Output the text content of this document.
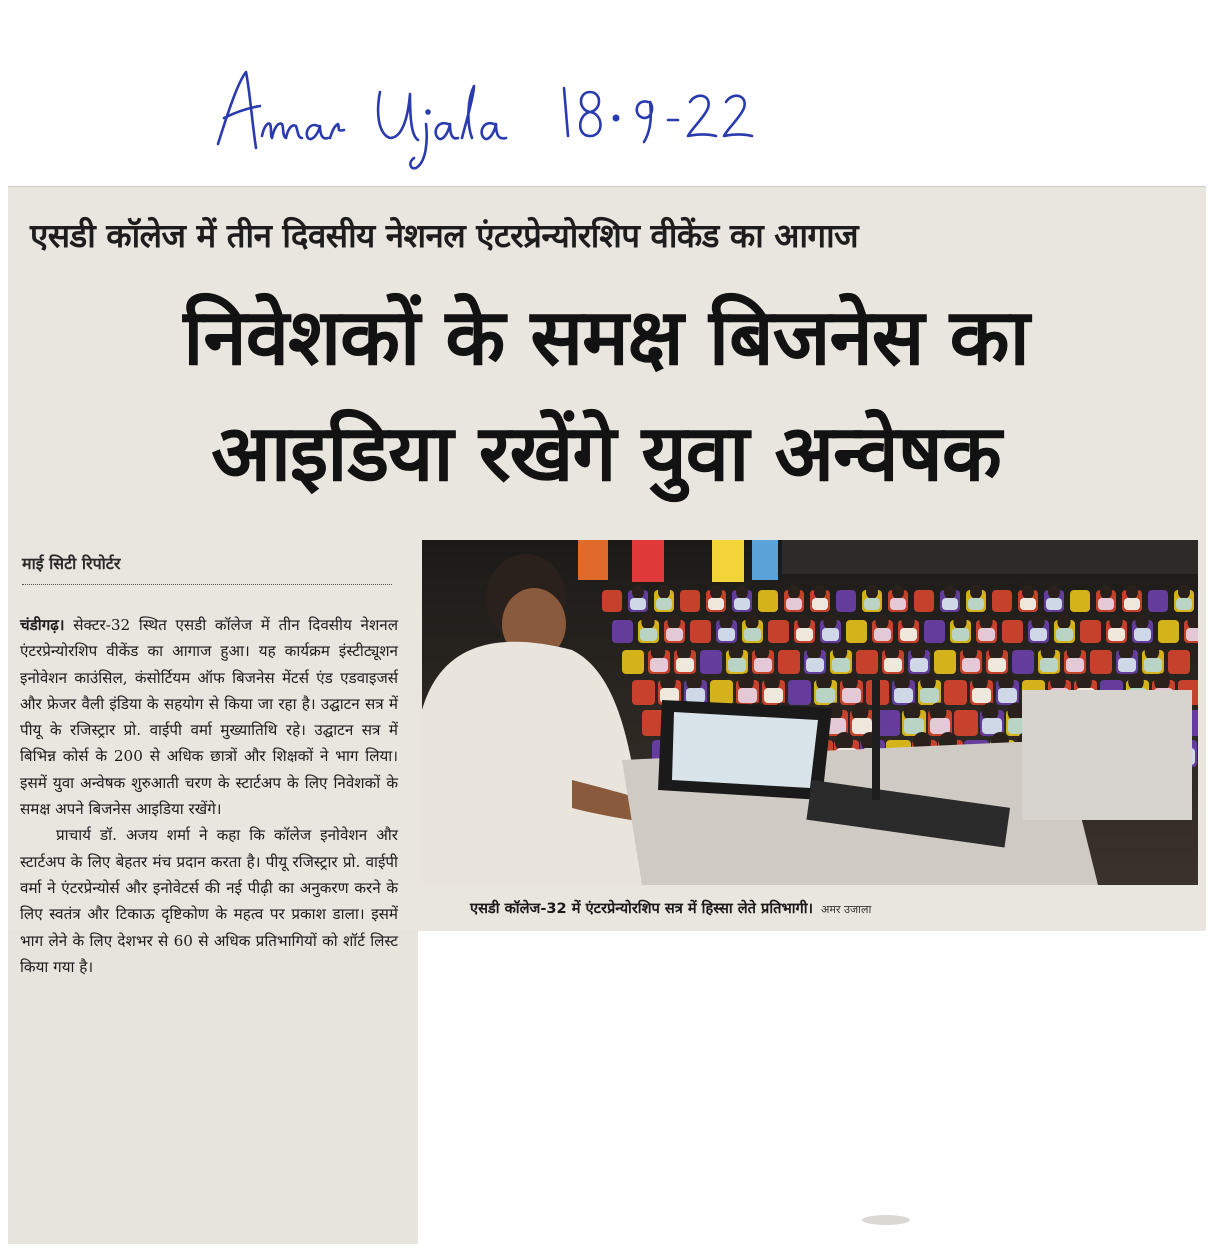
एसडी कॉलेज में तीन दिवसीय नेशनल एंटरप्रेन्योरशिप वीकेंड का आगाज
निवेशकों के समक्ष बिजनेस का
आइडिया रखेंगे युवा अन्वेषक
माई सिटी रिपोर्टर

चंडीगढ़। सेक्टर-32 स्थित एसडी कॉलेज में तीन दिवसीय नेशनल एंटरप्रेन्योरशिप वीकेंड का आगाज हुआ। यह कार्यक्रम इंस्टीट्यूशन इनोवेशन काउंसिल, कंसोर्टियम ऑफ बिजनेस मेंटर्स एंड एडवाइजर्स और फ्रेजर वैली इंडिया के सहयोग से किया जा रहा है। उद्घाटन सत्र में पीयू के रजिस्ट्रार प्रो. वाईपी वर्मा मुख्यातिथि रहे। उद्घाटन सत्र में बिभिन्न कोर्स के 200 से अधिक छात्रों और शिक्षकों ने भाग लिया। इसमें युवा अन्वेषक शुरुआती चरण के स्टार्टअप के लिए निवेशकों के समक्ष अपने बिजनेस आइडिया रखेंगे।

प्राचार्य डॉ. अजय शर्मा ने कहा कि कॉलेज इनोवेशन और स्टार्टअप के लिए बेहतर मंच प्रदान करता है। पीयू रजिस्ट्रार प्रो. वाईपी वर्मा ने एंटरप्रेन्योर्स और इनोवेटर्स की नई पीढ़ी का अनुकरण करने के लिए स्वतंत्र और टिकाऊ दृष्टिकोण के महत्व पर प्रकाश डाला। इसमें भाग लेने के लिए देशभर से 60 से अधिक प्रतिभागियों को शॉर्ट लिस्ट किया गया है।

एसडी कॉलेज-32 में एंटरप्रेन्योरशिप सत्र में हिस्सा लेते प्रतिभागी। अमर उजाला
